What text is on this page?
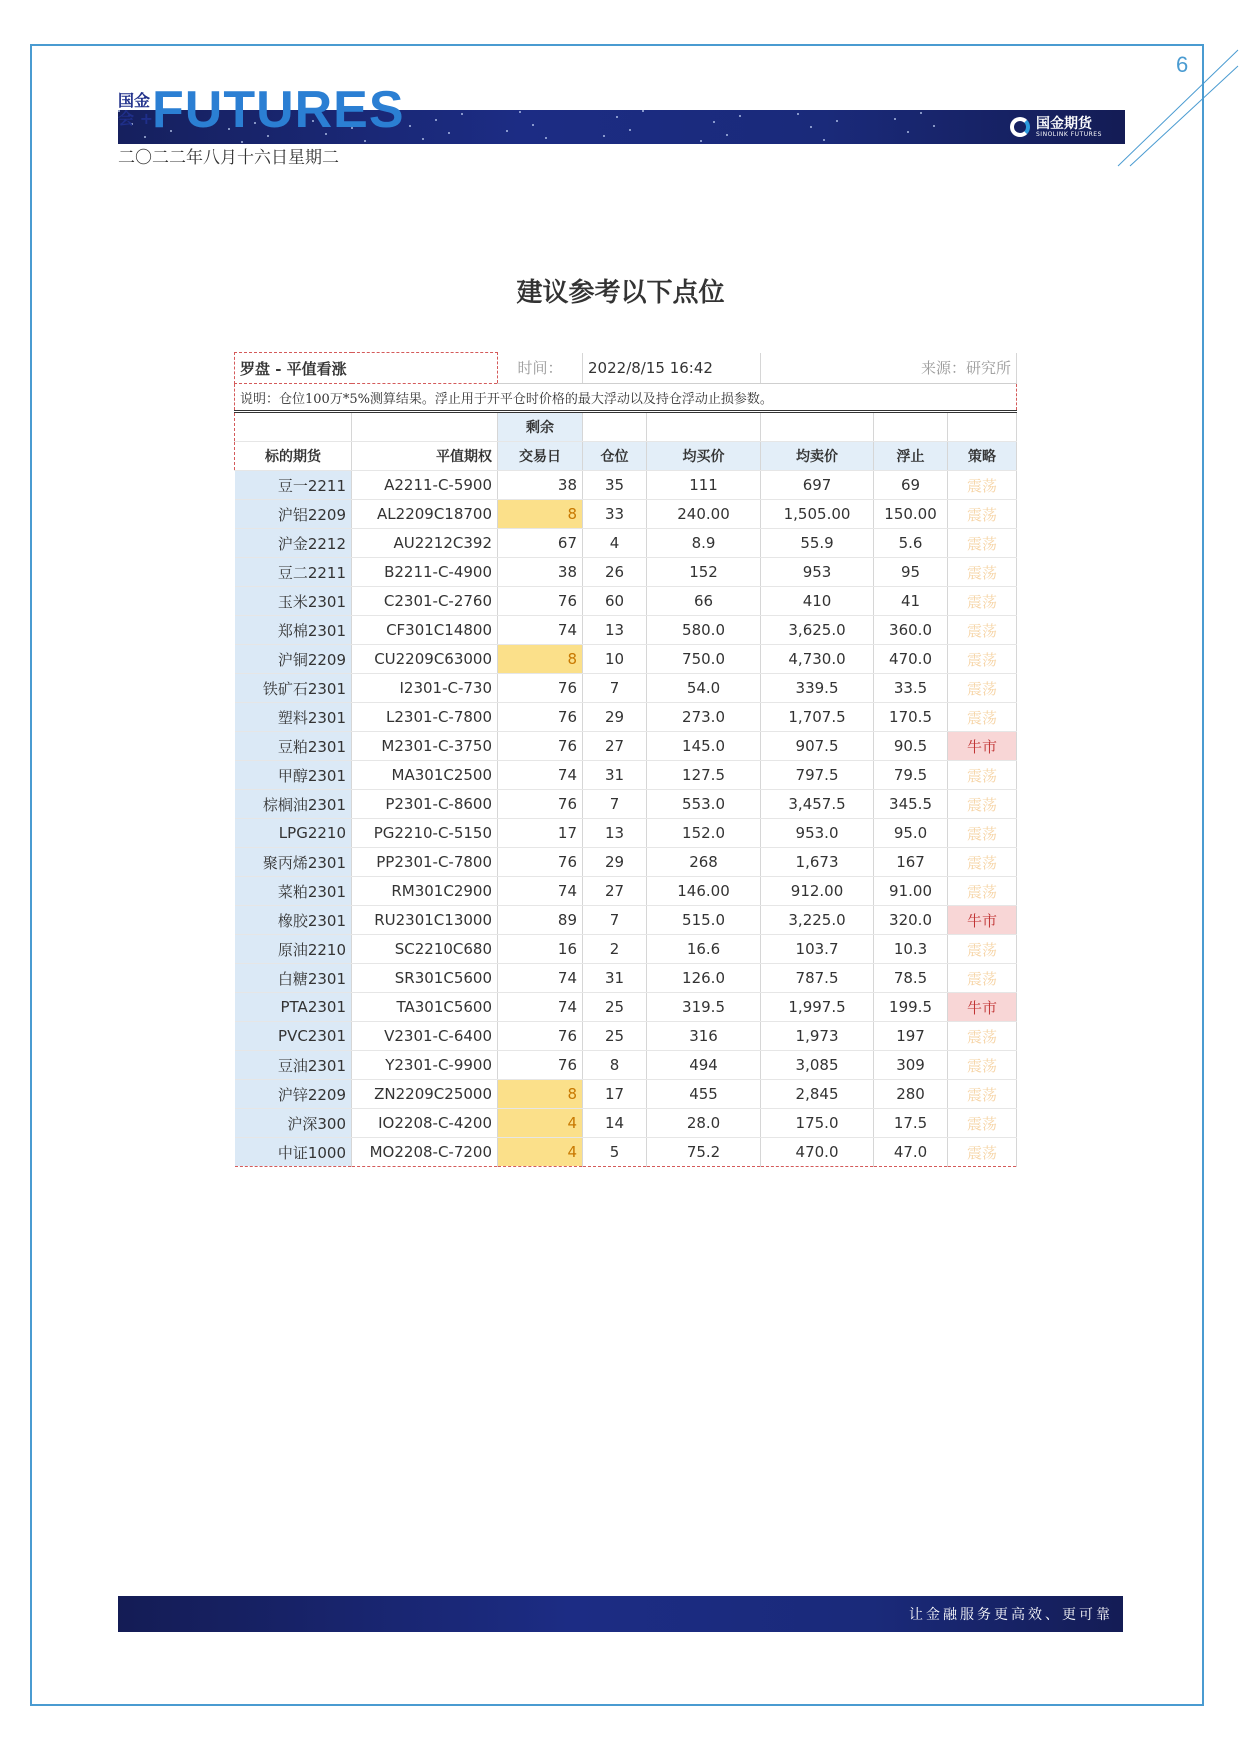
6
国金
会 + FUTURES	国金期货
SINOLINK FUTURES
二〇二二年八月十六日星期二
建议参考以下点位
罗盘 - 平值看涨		时间：	2022/8/15 16:42		来源：研究所		
说明：仓位100万*5%测算结果。浮止用于开平仓时价格的最大浮动以及持仓浮动止损参数。							
		剩余					
标的期货	平值期权	交易日	仓位	均买价	均卖价	浮止	策略
豆一2211	A2211-C-5900	38	35	111	697	69	震荡
沪铝2209	AL2209C18700	8	33	240.00	1,505.00	150.00	震荡
沪金2212	AU2212C392	67	4	8.9	55.9	5.6	震荡
豆二2211	B2211-C-4900	38	26	152	953	95	震荡
玉米2301	C2301-C-2760	76	60	66	410	41	震荡
郑棉2301	CF301C14800	74	13	580.0	3,625.0	360.0	震荡
沪铜2209	CU2209C63000	8	10	750.0	4,730.0	470.0	震荡
铁矿石2301	I2301-C-730	76	7	54.0	339.5	33.5	震荡
塑料2301	L2301-C-7800	76	29	273.0	1,707.5	170.5	震荡
豆粕2301	M2301-C-3750	76	27	145.0	907.5	90.5	牛市
甲醇2301	MA301C2500	74	31	127.5	797.5	79.5	震荡
棕榈油2301	P2301-C-8600	76	7	553.0	3,457.5	345.5	震荡
LPG2210	PG2210-C-5150	17	13	152.0	953.0	95.0	震荡
聚丙烯2301	PP2301-C-7800	76	29	268	1,673	167	震荡
菜粕2301	RM301C2900	74	27	146.00	912.00	91.00	震荡
橡胶2301	RU2301C13000	89	7	515.0	3,225.0	320.0	牛市
原油2210	SC2210C680	16	2	16.6	103.7	10.3	震荡
白糖2301	SR301C5600	74	31	126.0	787.5	78.5	震荡
PTA2301	TA301C5600	74	25	319.5	1,997.5	199.5	牛市
PVC2301	V2301-C-6400	76	25	316	1,973	197	震荡
豆油2301	Y2301-C-9900	76	8	494	3,085	309	震荡
沪锌2209	ZN2209C25000	8	17	455	2,845	280	震荡
沪深300	IO2208-C-4200	4	14	28.0	175.0	17.5	震荡
中证1000	MO2208-C-7200	4	5	75.2	470.0	47.0	震荡
让金融服务更高效、更可靠
